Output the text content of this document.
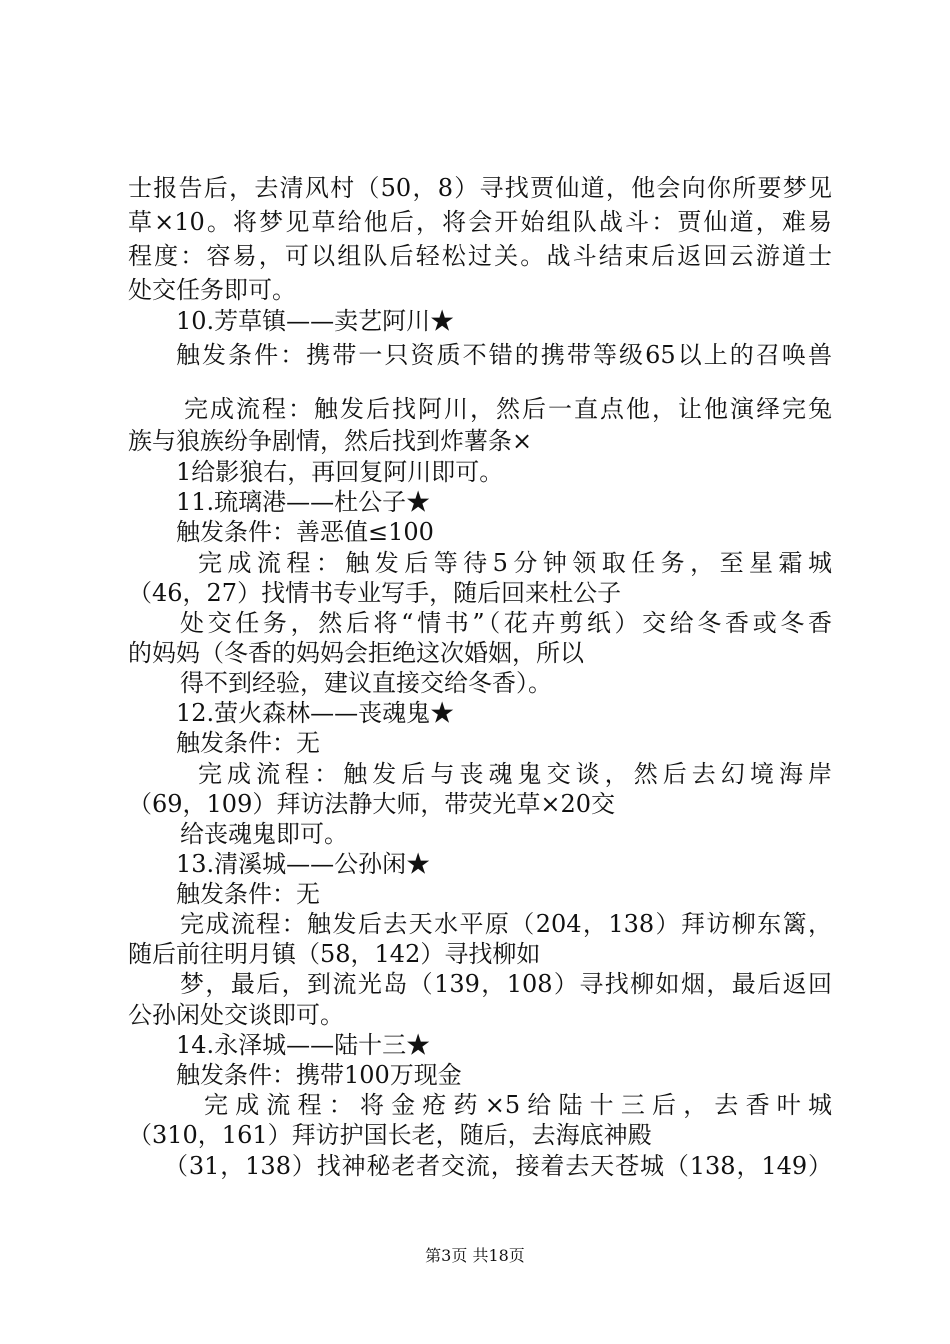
士报告后，去清风村（50，8）寻找贾仙道，他会向你所要梦见
草×10。将梦见草给他后，将会开始组队战斗：贾仙道，难易
程度：容易，可以组队后轻松过关。战斗结束后返回云游道士
处交任务即可。
10.芳草镇——卖艺阿川★
触发条件：携带一只资质不错的携带等级65以上的召唤兽
完成流程：触发后找阿川，然后一直点他，让他演绎完兔
族与狼族纷争剧情，然后找到炸薯条×
1给影狼右，再回复阿川即可。
11.琉璃港——杜公子★
触发条件：善恶值≤100
完成流程：触发后等待5分钟领取任务，至星霜城
（46，27）找情书专业写手，随后回来杜公子
处交任务，然后将“情书”（花卉剪纸）交给冬香或冬香
的妈妈（冬香的妈妈会拒绝这次婚姻，所以
得不到经验，建议直接交给冬香）。
12.萤火森林——丧魂鬼★
触发条件：无
完成流程：触发后与丧魂鬼交谈，然后去幻境海岸
（69，109）拜访法静大师，带荧光草×20交
给丧魂鬼即可。
13.清溪城——公孙闲★
触发条件：无
完成流程：触发后去天水平原（204，138）拜访柳东篱，
随后前往明月镇（58，142）寻找柳如
梦，最后，到流光岛（139，108）寻找柳如烟，最后返回
公孙闲处交谈即可。
14.永泽城——陆十三★
触发条件：携带100万现金
完成流程：将金疮药×5给陆十三后，去香叶城
（310，161）拜访护国长老，随后，去海底神殿
（31，138）找神秘老者交流，接着去天苍城（138，149）
第3页 共18页
